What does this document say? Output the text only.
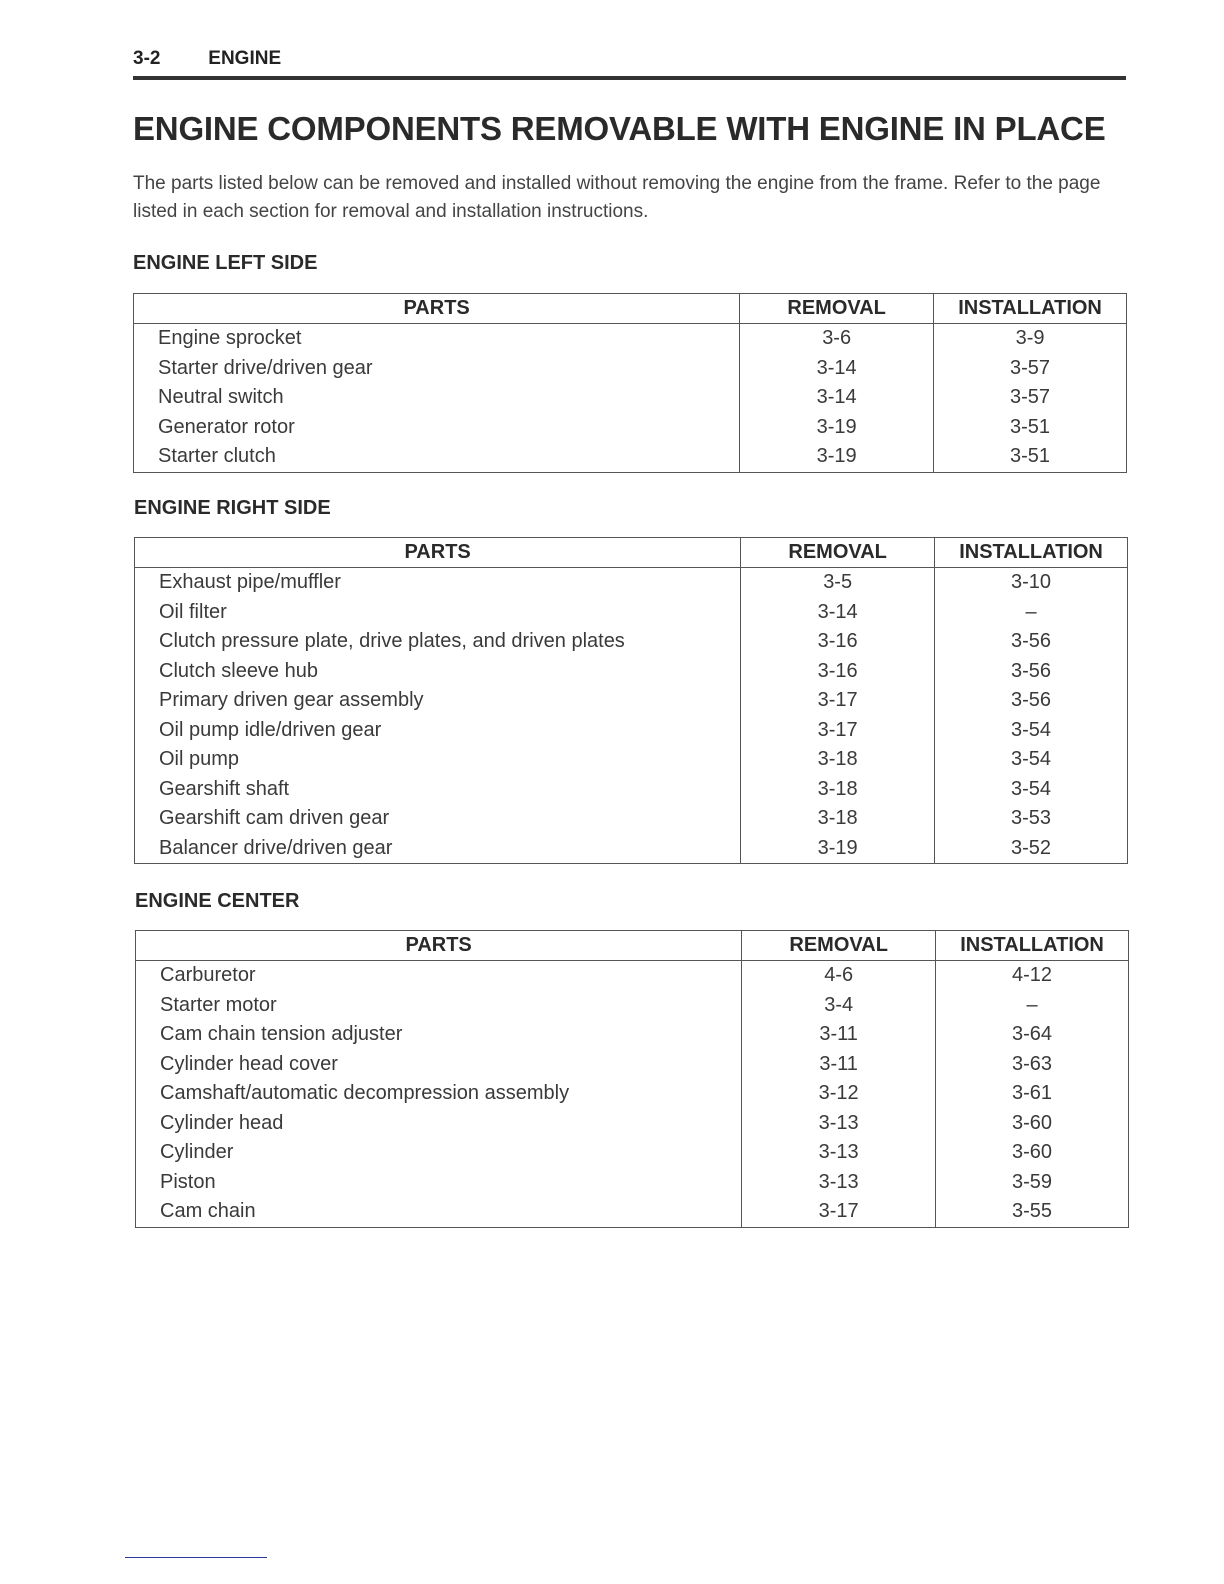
3-2	ENGINE
ENGINE COMPONENTS REMOVABLE WITH ENGINE IN PLACE
The parts listed below can be removed and installed without removing the engine from the frame. Refer to the page listed in each section for removal and installation instructions.
ENGINE LEFT SIDE
PARTS	REMOVAL	INSTALLATION
Engine sprocket	3-6	3-9
Starter drive/driven gear	3-14	3-57
Neutral switch	3-14	3-57
Generator rotor	3-19	3-51
Starter clutch	3-19	3-51
ENGINE RIGHT SIDE
PARTS	REMOVAL	INSTALLATION
Exhaust pipe/muffler	3-5	3-10
Oil filter	3-14	–
Clutch pressure plate, drive plates, and driven plates	3-16	3-56
Clutch sleeve hub	3-16	3-56
Primary driven gear assembly	3-17	3-56
Oil pump idle/driven gear	3-17	3-54
Oil pump	3-18	3-54
Gearshift shaft	3-18	3-54
Gearshift cam driven gear	3-18	3-53
Balancer drive/driven gear	3-19	3-52
ENGINE CENTER
PARTS	REMOVAL	INSTALLATION
Carburetor	4-6	4-12
Starter motor	3-4	–
Cam chain tension adjuster	3-11	3-64
Cylinder head cover	3-11	3-63
Camshaft/automatic decompression assembly	3-12	3-61
Cylinder head	3-13	3-60
Cylinder	3-13	3-60
Piston	3-13	3-59
Cam chain	3-17	3-55
